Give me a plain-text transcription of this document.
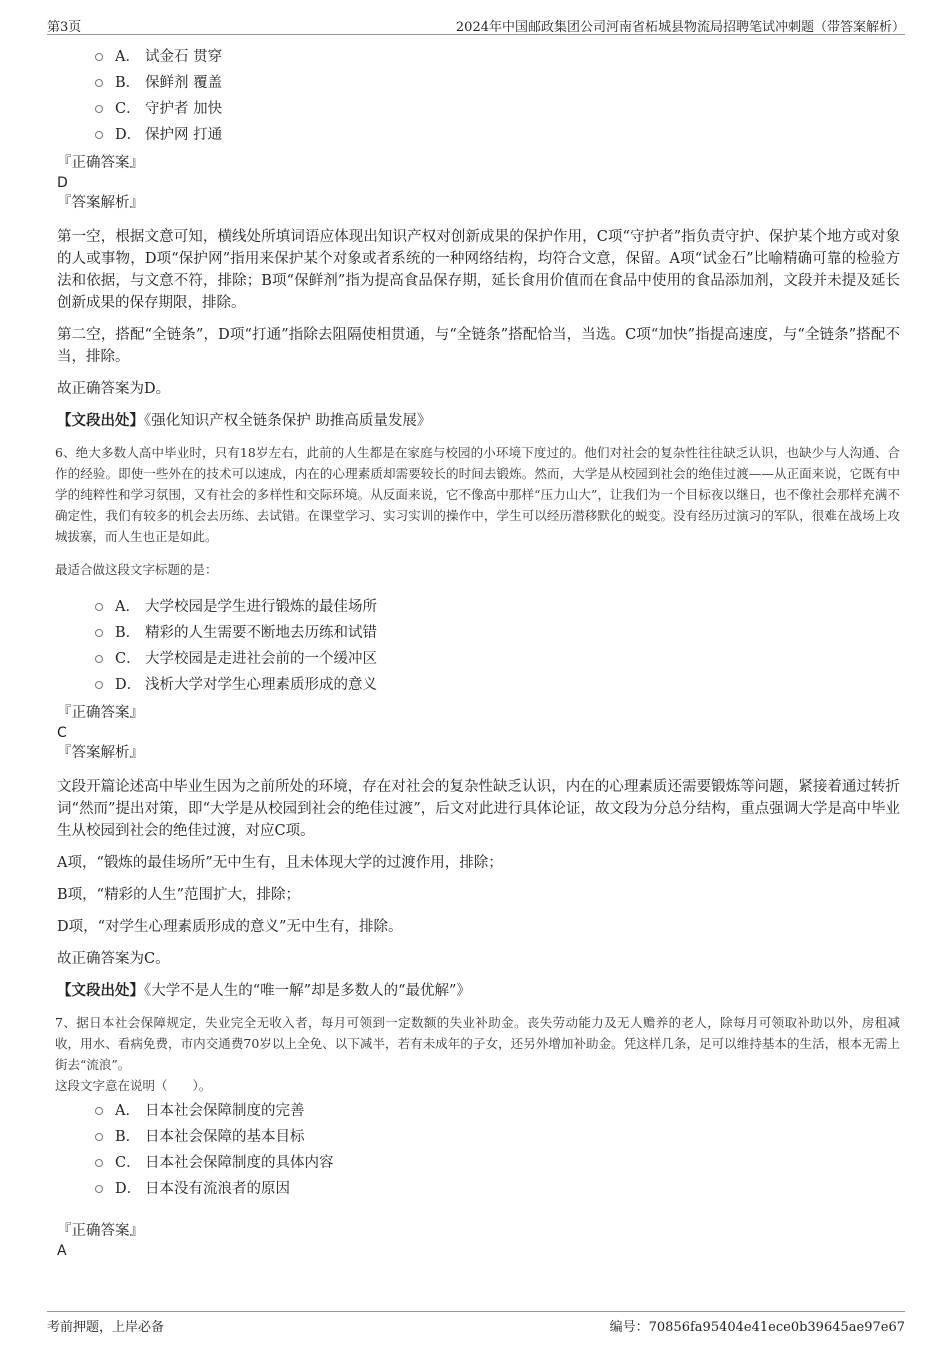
第3页	2024年中国邮政集团公司河南省柘城县物流局招聘笔试冲刺题（带答案解析）
A． 试金石 贯穿
B． 保鲜剂 覆盖
C． 守护者 加快
D． 保护网 打通
『正确答案』
D
『答案解析』

第一空，根据文意可知，横线处所填词语应体现出知识产权对创新成果的保护作用，C项“守护者”指负责守护、保护某个地方或对象的人或事物，D项“保护网”指用来保护某个对象或者系统的一种网络结构，均符合文意，保留。A项“试金石”比喻精确可靠的检验方法和依据，与文意不符，排除；B项“保鲜剂”指为提高食品保存期，延长食用价值而在食品中使用的食品添加剂，文段并未提及延长创新成果的保存期限，排除。

第二空，搭配“全链条”，D项“打通”指除去阻隔使相贯通，与“全链条”搭配恰当，当选。C项“加快”指提高速度，与“全链条”搭配不当，排除。

故正确答案为D。

【文段出处】《强化知识产权全链条保护 助推高质量发展》

6、绝大多数人高中毕业时，只有18岁左右，此前的人生都是在家庭与校园的小环境下度过的。他们对社会的复杂性往往缺乏认识，也缺少与人沟通、合作的经验。即使一些外在的技术可以速成，内在的心理素质却需要较长的时间去锻炼。然而，大学是从校园到社会的绝佳过渡——从正面来说，它既有中学的纯粹性和学习氛围，又有社会的多样性和交际环境。从反面来说，它不像高中那样“压力山大”，让我们为一个目标夜以继日，也不像社会那样充满不确定性，我们有较多的机会去历练、去试错。在课堂学习、实习实训的操作中，学生可以经历潜移默化的蜕变。没有经历过演习的军队，很难在战场上攻城拔寨，而人生也正是如此。
最适合做这段文字标题的是：
A． 大学校园是学生进行锻炼的最佳场所
B． 精彩的人生需要不断地去历练和试错
C． 大学校园是走进社会前的一个缓冲区
D． 浅析大学对学生心理素质形成的意义
『正确答案』
C
『答案解析』

文段开篇论述高中毕业生因为之前所处的环境，存在对社会的复杂性缺乏认识，内在的心理素质还需要锻炼等问题，紧接着通过转折词“然而”提出对策，即“大学是从校园到社会的绝佳过渡”，后文对此进行具体论证，故文段为分总分结构，重点强调大学是高中毕业生从校园到社会的绝佳过渡，对应C项。

A项，“锻炼的最佳场所”无中生有，且未体现大学的过渡作用，排除；

B项，“精彩的人生”范围扩大，排除；

D项，“对学生心理素质形成的意义”无中生有，排除。

故正确答案为C。

【文段出处】《大学不是人生的“唯一解”却是多数人的“最优解”》

7、据日本社会保障规定，失业完全无收入者，每月可领到一定数额的失业补助金。丧失劳动能力及无人赡养的老人，除每月可领取补助以外，房租减收，用水、看病免费，市内交通费70岁以上全免、以下减半，若有未成年的子女，还另外增加补助金。凭这样几条，足可以维持基本的生活，根本无需上街去“流浪”。
这段文字意在说明（　　）。
A． 日本社会保障制度的完善
B． 日本社会保障的基本目标
C． 日本社会保障制度的具体内容
D． 日本没有流浪者的原因
『正确答案』
A
考前押题，上岸必备	编号：70856fa95404e41ece0b39645ae97e67
